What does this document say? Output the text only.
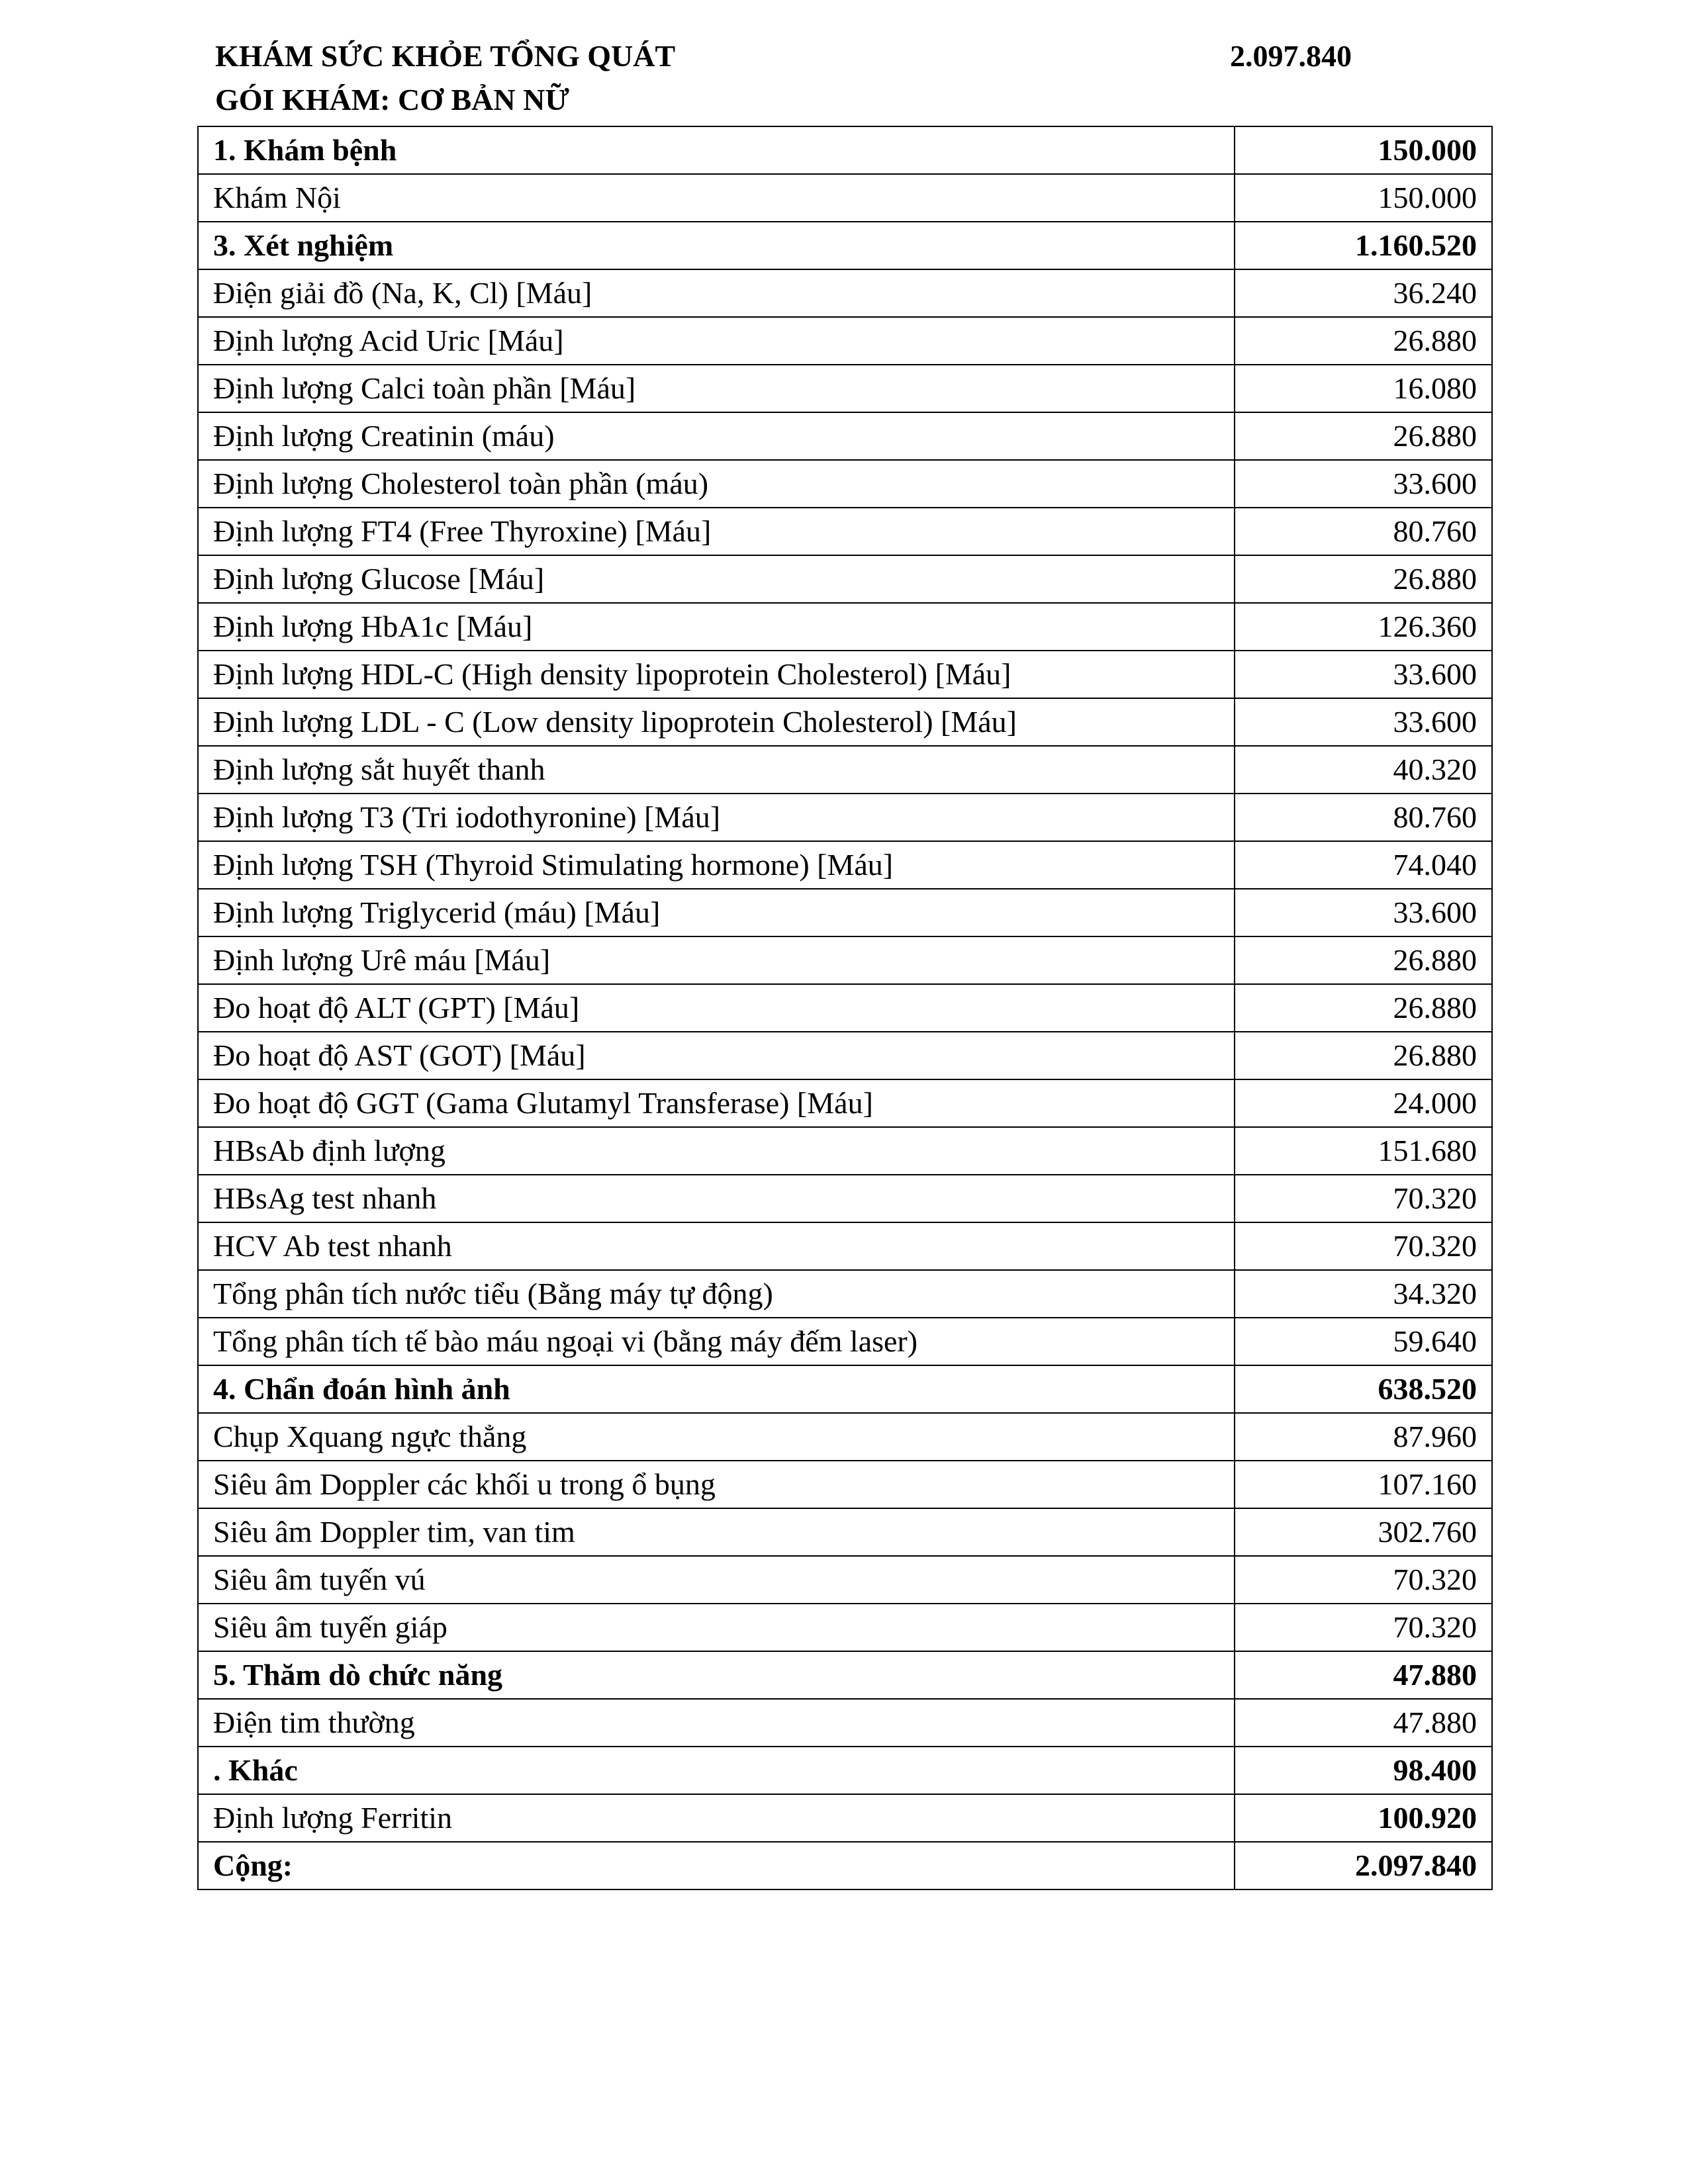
KHÁM SỨC KHỎE TỔNG QUÁT	2.097.840
GÓI KHÁM: CƠ BẢN NỮ
1. Khám bệnh	150.000
Khám Nội	150.000
3. Xét nghiệm	1.160.520
Điện giải đồ (Na, K, Cl) [Máu]	36.240
Định lượng Acid Uric [Máu]	26.880
Định lượng Calci toàn phần [Máu]	16.080
Định lượng Creatinin (máu)	26.880
Định lượng Cholesterol toàn phần (máu)	33.600
Định lượng FT4 (Free Thyroxine) [Máu]	80.760
Định lượng Glucose [Máu]	26.880
Định lượng HbA1c [Máu]	126.360
Định lượng HDL-C (High density lipoprotein Cholesterol) [Máu]	33.600
Định lượng LDL - C (Low density lipoprotein Cholesterol) [Máu]	33.600
Định lượng sắt huyết thanh	40.320
Định lượng T3 (Tri iodothyronine) [Máu]	80.760
Định lượng TSH (Thyroid Stimulating hormone) [Máu]	74.040
Định lượng Triglycerid (máu) [Máu]	33.600
Định lượng Urê máu [Máu]	26.880
Đo hoạt độ ALT (GPT) [Máu]	26.880
Đo hoạt độ AST (GOT) [Máu]	26.880
Đo hoạt độ GGT (Gama Glutamyl Transferase) [Máu]	24.000
HBsAb định lượng	151.680
HBsAg test nhanh	70.320
HCV Ab test nhanh	70.320
Tổng phân tích nước tiểu (Bằng máy tự động)	34.320
Tổng phân tích tế bào máu ngoại vi (bằng máy đếm laser)	59.640
4. Chẩn đoán hình ảnh	638.520
Chụp Xquang ngực thẳng	87.960
Siêu âm Doppler các khối u trong ổ bụng	107.160
Siêu âm Doppler tim, van tim	302.760
Siêu âm tuyến vú	70.320
Siêu âm tuyến giáp	70.320
5. Thăm dò chức năng	47.880
Điện tim thường	47.880
. Khác	98.400
Định lượng Ferritin	100.920
Cộng:	2.097.840
